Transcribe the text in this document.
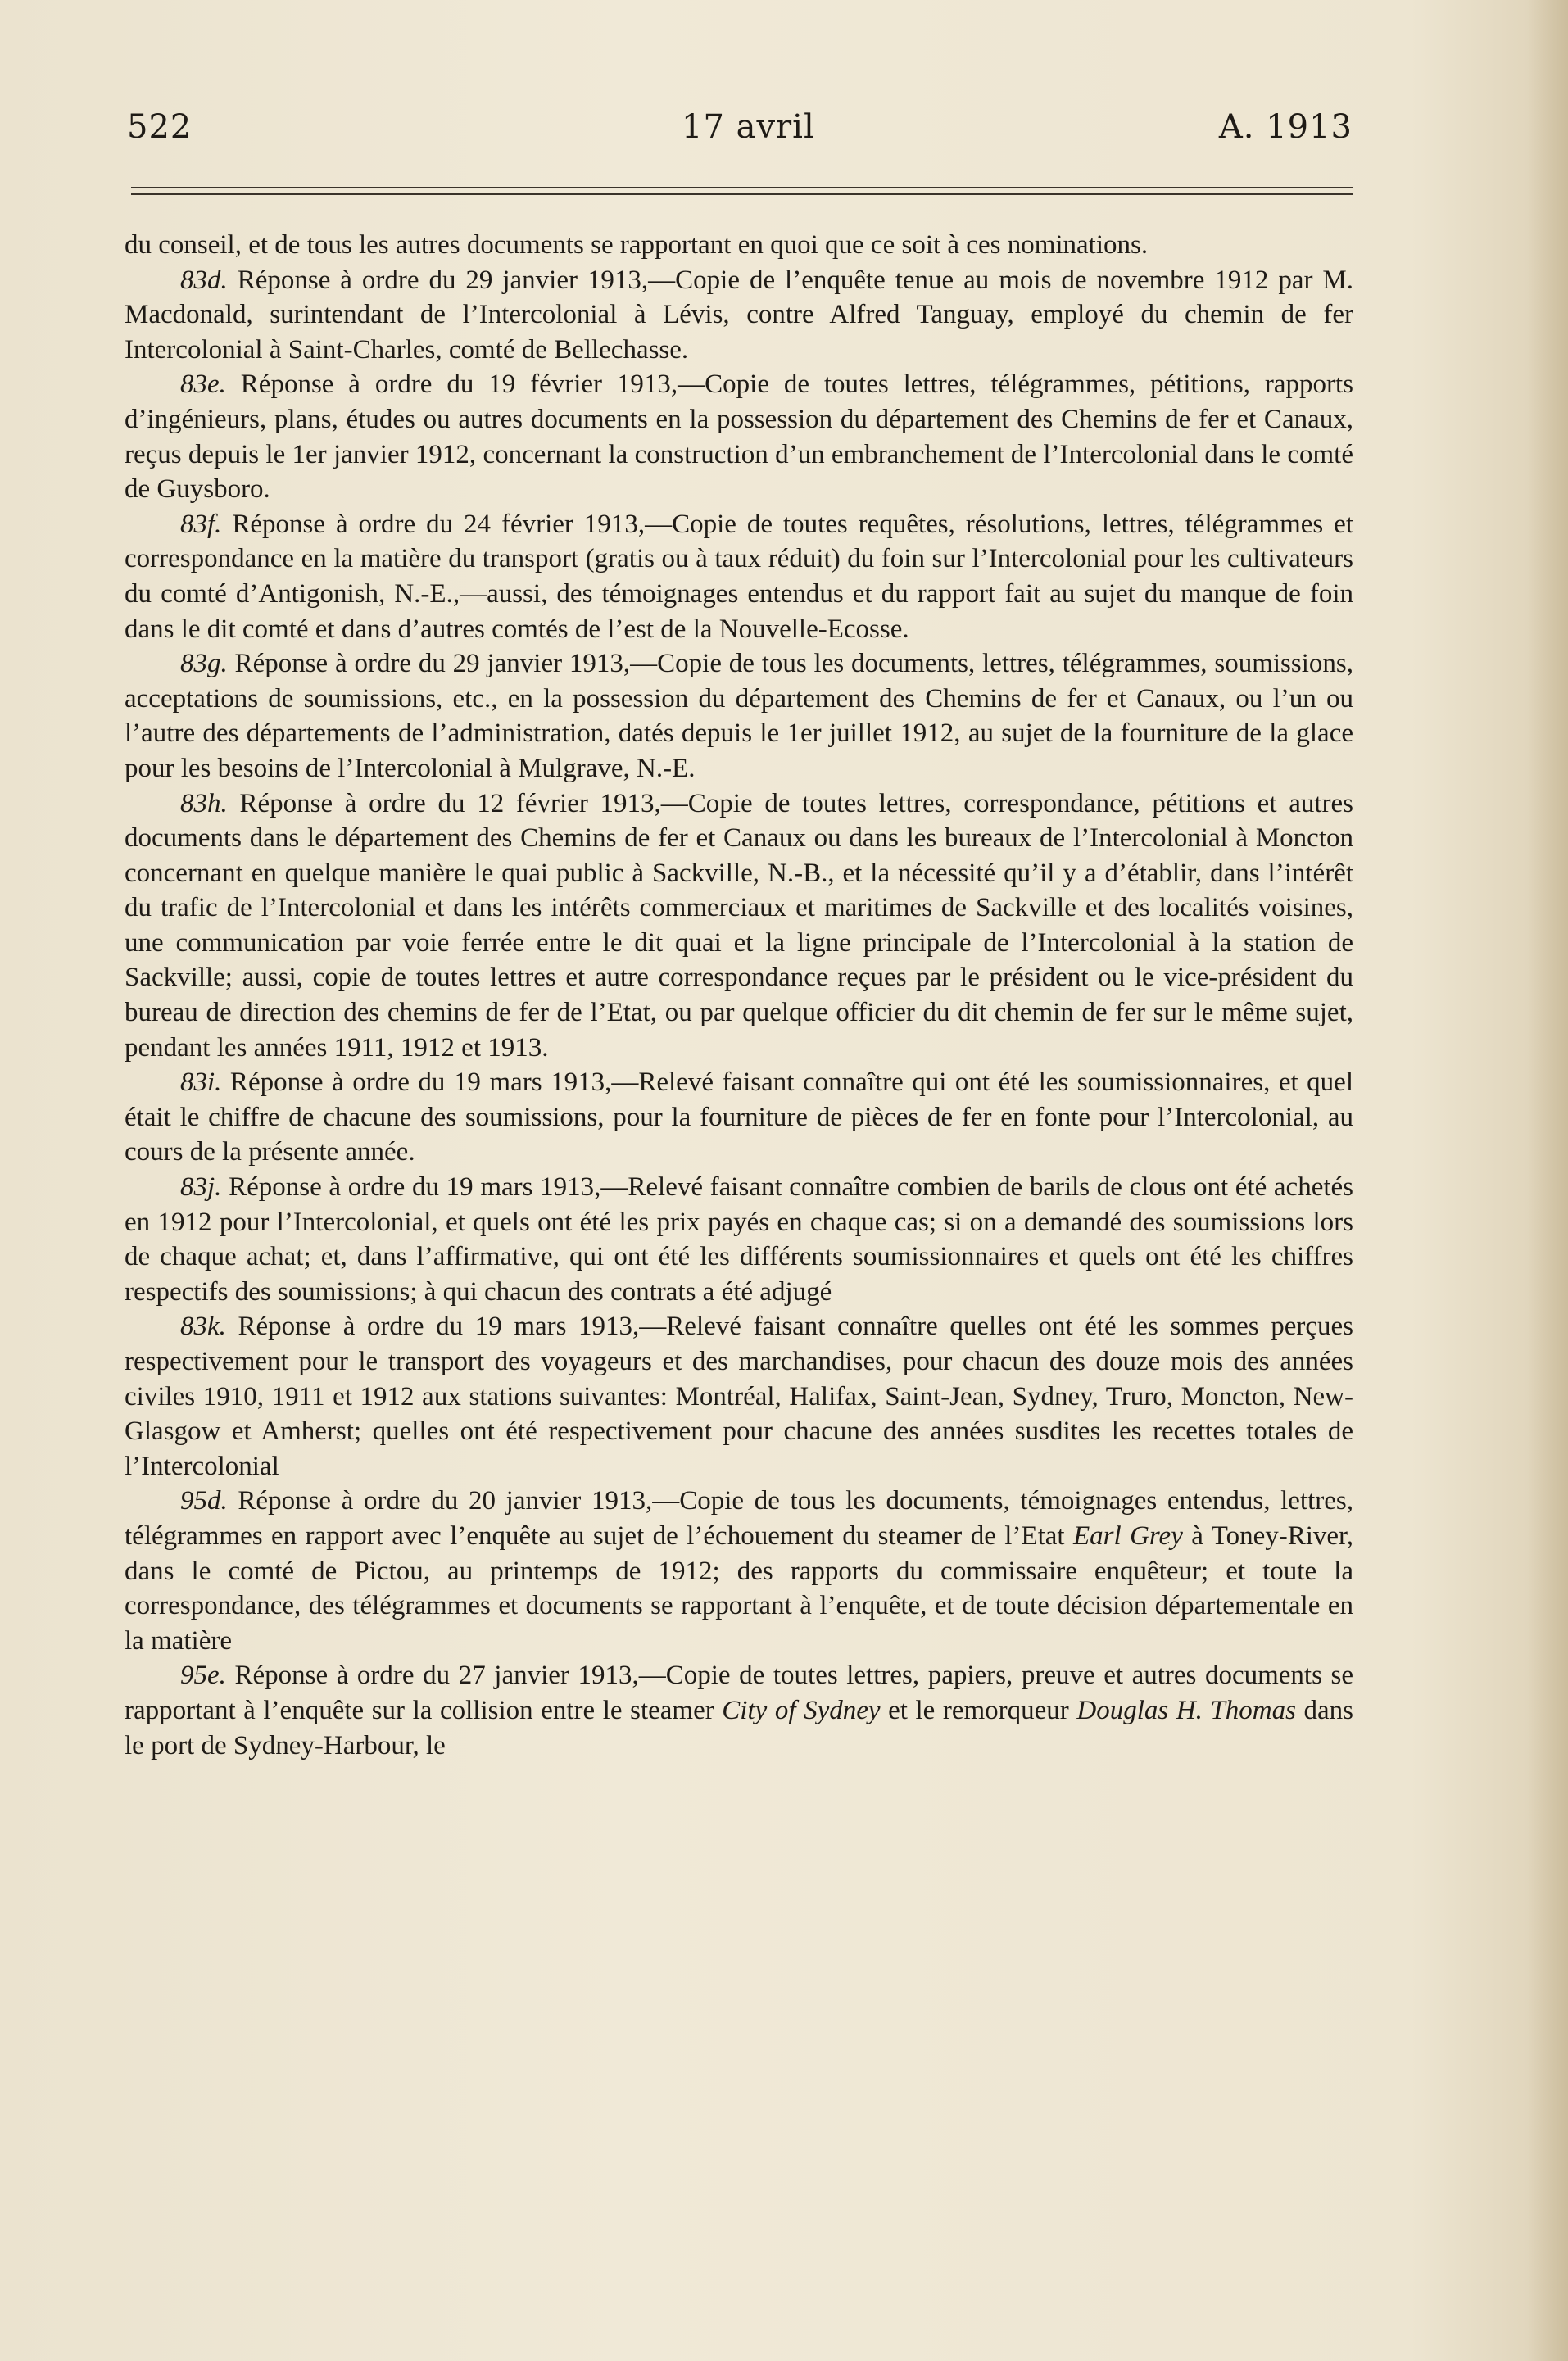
522	17 avril	A. 1913

du conseil, et de tous les autres documents se rapportant en quoi que ce soit à ces nominations.

83d. Réponse à ordre du 29 janvier 1913,—Copie de l’enquête tenue au mois de novembre 1912 par M. Macdonald, surintendant de l’Intercolonial à Lévis, contre Alfred Tanguay, employé du chemin de fer Intercolonial à Saint-Charles, comté de Bellechasse.

83e. Réponse à ordre du 19 février 1913,—Copie de toutes lettres, télégrammes, pétitions, rapports d’ingénieurs, plans, études ou autres documents en la possession du département des Chemins de fer et Canaux, reçus depuis le 1er janvier 1912, concernant la construction d’un embranchement de l’Intercolonial dans le comté de Guysboro.

83f. Réponse à ordre du 24 février 1913,—Copie de toutes requêtes, résolutions, lettres, télégrammes et correspondance en la matière du transport (gratis ou à taux réduit) du foin sur l’Intercolonial pour les cultivateurs du comté d’Antigonish, N.-E.,—aussi, des témoignages entendus et du rapport fait au sujet du manque de foin dans le dit comté et dans d’autres comtés de l’est de la Nouvelle-Ecosse.

83g. Réponse à ordre du 29 janvier 1913,—Copie de tous les documents, lettres, télégrammes, soumissions, acceptations de soumissions, etc., en la possession du département des Chemins de fer et Canaux, ou l’un ou l’autre des départements de l’administration, datés depuis le 1er juillet 1912, au sujet de la fourniture de la glace pour les besoins de l’Intercolonial à Mulgrave, N.-E.

83h. Réponse à ordre du 12 février 1913,—Copie de toutes lettres, correspondance, pétitions et autres documents dans le département des Chemins de fer et Canaux ou dans les bureaux de l’Intercolonial à Moncton concernant en quelque manière le quai public à Sackville, N.-B., et la nécessité qu’il y a d’établir, dans l’intérêt du trafic de l’Intercolonial et dans les intérêts commerciaux et maritimes de Sackville et des localités voisines, une communication par voie ferrée entre le dit quai et la ligne principale de l’Intercolonial à la station de Sackville; aussi, copie de toutes lettres et autre correspondance reçues par le président ou le vice-président du bureau de direction des chemins de fer de l’Etat, ou par quelque officier du dit chemin de fer sur le même sujet, pendant les années 1911, 1912 et 1913.

83i. Réponse à ordre du 19 mars 1913,—Relevé faisant connaître qui ont été les soumissionnaires, et quel était le chiffre de chacune des soumissions, pour la fourniture de pièces de fer en fonte pour l’Intercolonial, au cours de la présente année.

83j. Réponse à ordre du 19 mars 1913,—Relevé faisant connaître combien de barils de clous ont été achetés en 1912 pour l’Intercolonial, et quels ont été les prix payés en chaque cas; si on a demandé des soumissions lors de chaque achat; et, dans l’affirmative, qui ont été les différents soumissionnaires et quels ont été les chiffres respectifs des soumissions; à qui chacun des contrats a été adjugé

83k. Réponse à ordre du 19 mars 1913,—Relevé faisant connaître quelles ont été les sommes perçues respectivement pour le transport des voyageurs et des marchandises, pour chacun des douze mois des années civiles 1910, 1911 et 1912 aux stations suivantes: Montréal, Halifax, Saint-Jean, Sydney, Truro, Moncton, New-Glasgow et Amherst; quelles ont été respectivement pour chacune des années susdites les recettes totales de l’Intercolonial

95d. Réponse à ordre du 20 janvier 1913,—Copie de tous les documents, témoignages entendus, lettres, télégrammes en rapport avec l’enquête au sujet de l’échouement du steamer de l’Etat Earl Grey à Toney-River, dans le comté de Pictou, au printemps de 1912; des rapports du commissaire enquêteur; et toute la correspondance, des télégrammes et documents se rapportant à l’enquête, et de toute décision départementale en la matière

95e. Réponse à ordre du 27 janvier 1913,—Copie de toutes lettres, papiers, preuve et autres documents se rapportant à l’enquête sur la collision entre le steamer City of Sydney et le remorqueur Douglas H. Thomas dans le port de Sydney-Harbour, le
